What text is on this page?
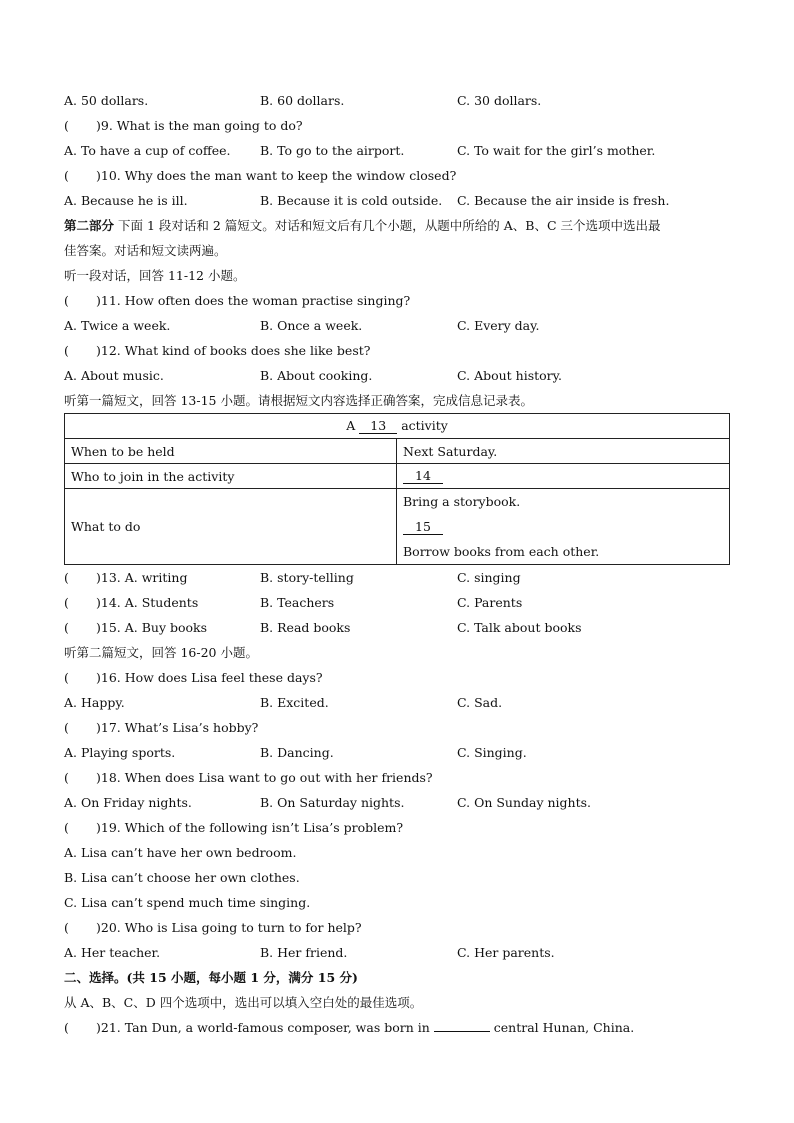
A. 50 dollars.	B. 60 dollars.	C. 30 dollars.
( )9. What is the man going to do?
A. To have a cup of coffee.	B. To go to the airport.	C. To wait for the girl’s mother.
( )10. Why does the man want to keep the window closed?
A. Because he is ill.	B. Because it is cold outside.	C. Because the air inside is fresh.
第二部分 下面 1 段对话和 2 篇短文。对话和短文后有几个小题，从题中所给的 A、B、C 三个选项中选出最
佳答案。对话和短文读两遍。
听一段对话，回答 11-12 小题。
( )11. How often does the woman practise singing?
A. Twice a week.	B. Once a week.	C. Every day.
( )12. What kind of books does she like best?
A. About music.	B. About cooking.	C. About history.
听第一篇短文，回答 13-15 小题。请根据短文内容选择正确答案，完成信息记录表。
A 13 activity	
When to be held	Next Saturday.
Who to join in the activity	14
What to do	Bring a storybook.
15
Borrow books from each other.
( )13. A. writing	B. story-telling	C. singing
( )14. A. Students	B. Teachers	C. Parents
( )15. A. Buy books	B. Read books	C. Talk about books
听第二篇短文，回答 16-20 小题。
( )16. How does Lisa feel these days?
A. Happy.	B. Excited.	C. Sad.
( )17. What’s Lisa’s hobby?
A. Playing sports.	B. Dancing.	C. Singing.
( )18. When does Lisa want to go out with her friends?
A. On Friday nights.	B. On Saturday nights.	C. On Sunday nights.
( )19. Which of the following isn’t Lisa’s problem?
A. Lisa can’t have her own bedroom.
B. Lisa can’t choose her own clothes.
C. Lisa can’t spend much time singing.
( )20. Who is Lisa going to turn to for help?
A. Her teacher.	B. Her friend.	C. Her parents.
二、选择。(共 15 小题，每小题 1 分，满分 15 分)
从 A、B、C、D 四个选项中，选出可以填入空白处的最佳选项。
( )21. Tan Dun, a world-famous composer, was born in	central Hunan, China.
